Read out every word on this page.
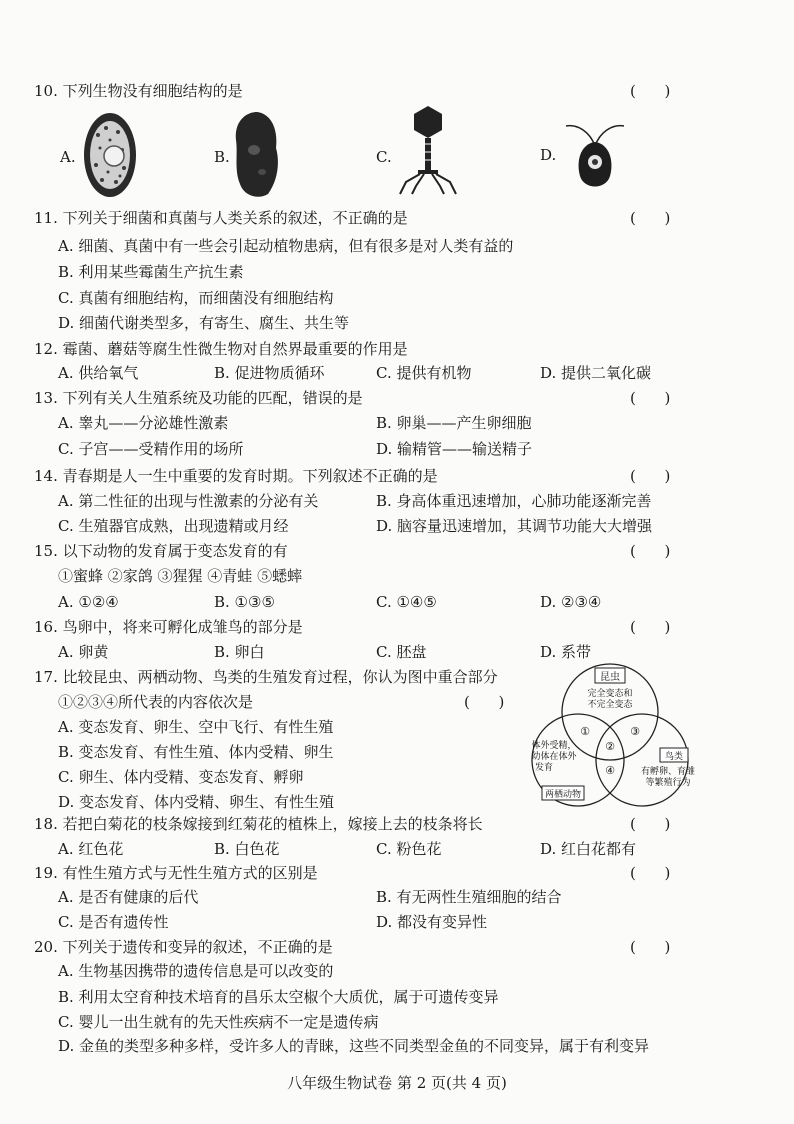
10. 下列生物没有细胞结构的是	(      )
A.	B.	C.	D.
11. 下列关于细菌和真菌与人类关系的叙述，不正确的是	(      )
A. 细菌、真菌中有一些会引起动植物患病，但有很多是对人类有益的
B. 利用某些霉菌生产抗生素
C. 真菌有细胞结构，而细菌没有细胞结构
D. 细菌代谢类型多，有寄生、腐生、共生等
12. 霉菌、蘑菇等腐生性微生物对自然界最重要的作用是
A. 供给氧气	B. 促进物质循环	C. 提供有机物	D. 提供二氧化碳
13. 下列有关人生殖系统及功能的匹配，错误的是	(      )
A. 睾丸——分泌雄性激素	B. 卵巢——产生卵细胞
C. 子宫——受精作用的场所	D. 输精管——输送精子
14. 青春期是人一生中重要的发育时期。下列叙述不正确的是	(      )
A. 第二性征的出现与性激素的分泌有关	B. 身高体重迅速增加，心肺功能逐渐完善
C. 生殖器官成熟，出现遗精或月经	D. 脑容量迅速增加，其调节功能大大增强
15. 以下动物的发育属于变态发育的有	(      )
①蜜蜂 ②家鸽 ③猩猩 ④青蛙 ⑤蟋蟀
A. ①②④	B. ①③⑤	C. ①④⑤	D. ②③④
16. 鸟卵中，将来可孵化成雏鸟的部分是	(      )
A. 卵黄	B. 卵白	C. 胚盘	D. 系带
17. 比较昆虫、两栖动物、鸟类的生殖发育过程，你认为图中重合部分
①②③④所代表的内容依次是	(      )
A. 变态发育、卵生、空中飞行、有性生殖
B. 变态发育、有性生殖、体内受精、卵生
C. 卵生、体内受精、变态发育、孵卵
D. 变态发育、体内受精、卵生、有性生殖
昆虫
完全变态和
不完全变态
体外受精，
幼体在体外
发育
两栖动物
鸟类
有孵卵、育雏
等繁殖行为
①
②
③
④
18. 若把白菊花的枝条嫁接到红菊花的植株上，嫁接上去的枝条将长	(      )
A. 红色花	B. 白色花	C. 粉色花	D. 红白花都有
19. 有性生殖方式与无性生殖方式的区别是	(      )
A. 是否有健康的后代	B. 有无两性生殖细胞的结合
C. 是否有遗传性	D. 都没有变异性
20. 下列关于遗传和变异的叙述，不正确的是	(      )
A. 生物基因携带的遗传信息是可以改变的
B. 利用太空育种技术培育的昌乐太空椒个大质优，属于可遗传变异
C. 婴儿一出生就有的先天性疾病不一定是遗传病
D. 金鱼的类型多种多样，受许多人的青睐，这些不同类型金鱼的不同变异，属于有利变异
八年级生物试卷 第 2 页(共 4 页)
